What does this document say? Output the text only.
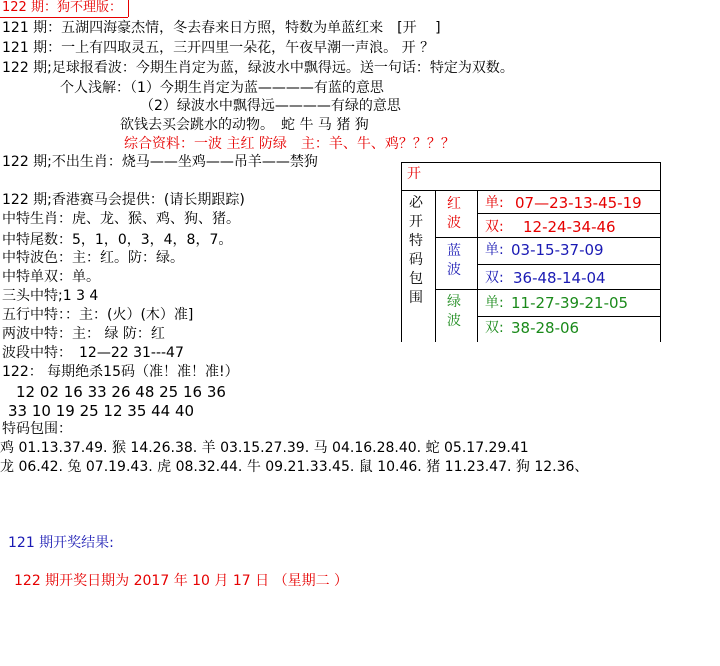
122 期：狗不理版：
121 期：五湖四海豪杰情，冬去春来日方照，特数为单蓝红来　[开　 ]
121 期：一上有四取灵五，三开四里一朵花，午夜早潮一声浪。 开 ？
122 期;足球报看波：今期生肖定为蓝，绿波水中飘得远。送一句话：特定为双数。
个人浅解：（1）今期生肖定为蓝————有蓝的意思
（2）绿波水中飘得远————有绿的意思
欲钱去买会跳水的动物。　蛇 牛 马 猪 狗
综合资料：一波 主红 防绿　主：羊、牛、鸡？？？？
122 期;不出生肖：烧马——坐鸡——吊羊——禁狗
122 期;香港赛马会提供：(请长期跟踪)
中特生肖：虎、龙、猴、鸡、狗、猪。
中特尾数：5，1，0，3，4，8，7。
中特波色：主：红。防：绿。
中特单双：单。
三头中特;1 3 4
五行中特：：主：(火）(木）准]
两波中特：主： 绿 防：红
波段中特：　12—22 31---47
122： 每期绝杀15码（准！准！准!）
12 02 16 33 26 48 25 16 36
33 10 19 25 12 35 44 40
特码包围：
鸡 01.13.37.49. 猴 14.26.38. 羊 03.15.27.39. 马 04.16.28.40. 蛇 05.17.29.41
龙 06.42. 兔 07.19.43. 虎 08.32.44. 牛 09.21.33.45. 鼠 10.46. 猪 11.23.47. 狗 12.36、
开
必开特码包围
红波
单: 07—23-13-45-19
双: 12-24-34-46
蓝波
单: 03-15-37-09
双: 36-48-14-04
绿波
单: 11-27-39-21-05
双: 38-28-06
121 期开奖结果:
122 期开奖日期为 2017 年 10 月 17 日 （星期二 ）
